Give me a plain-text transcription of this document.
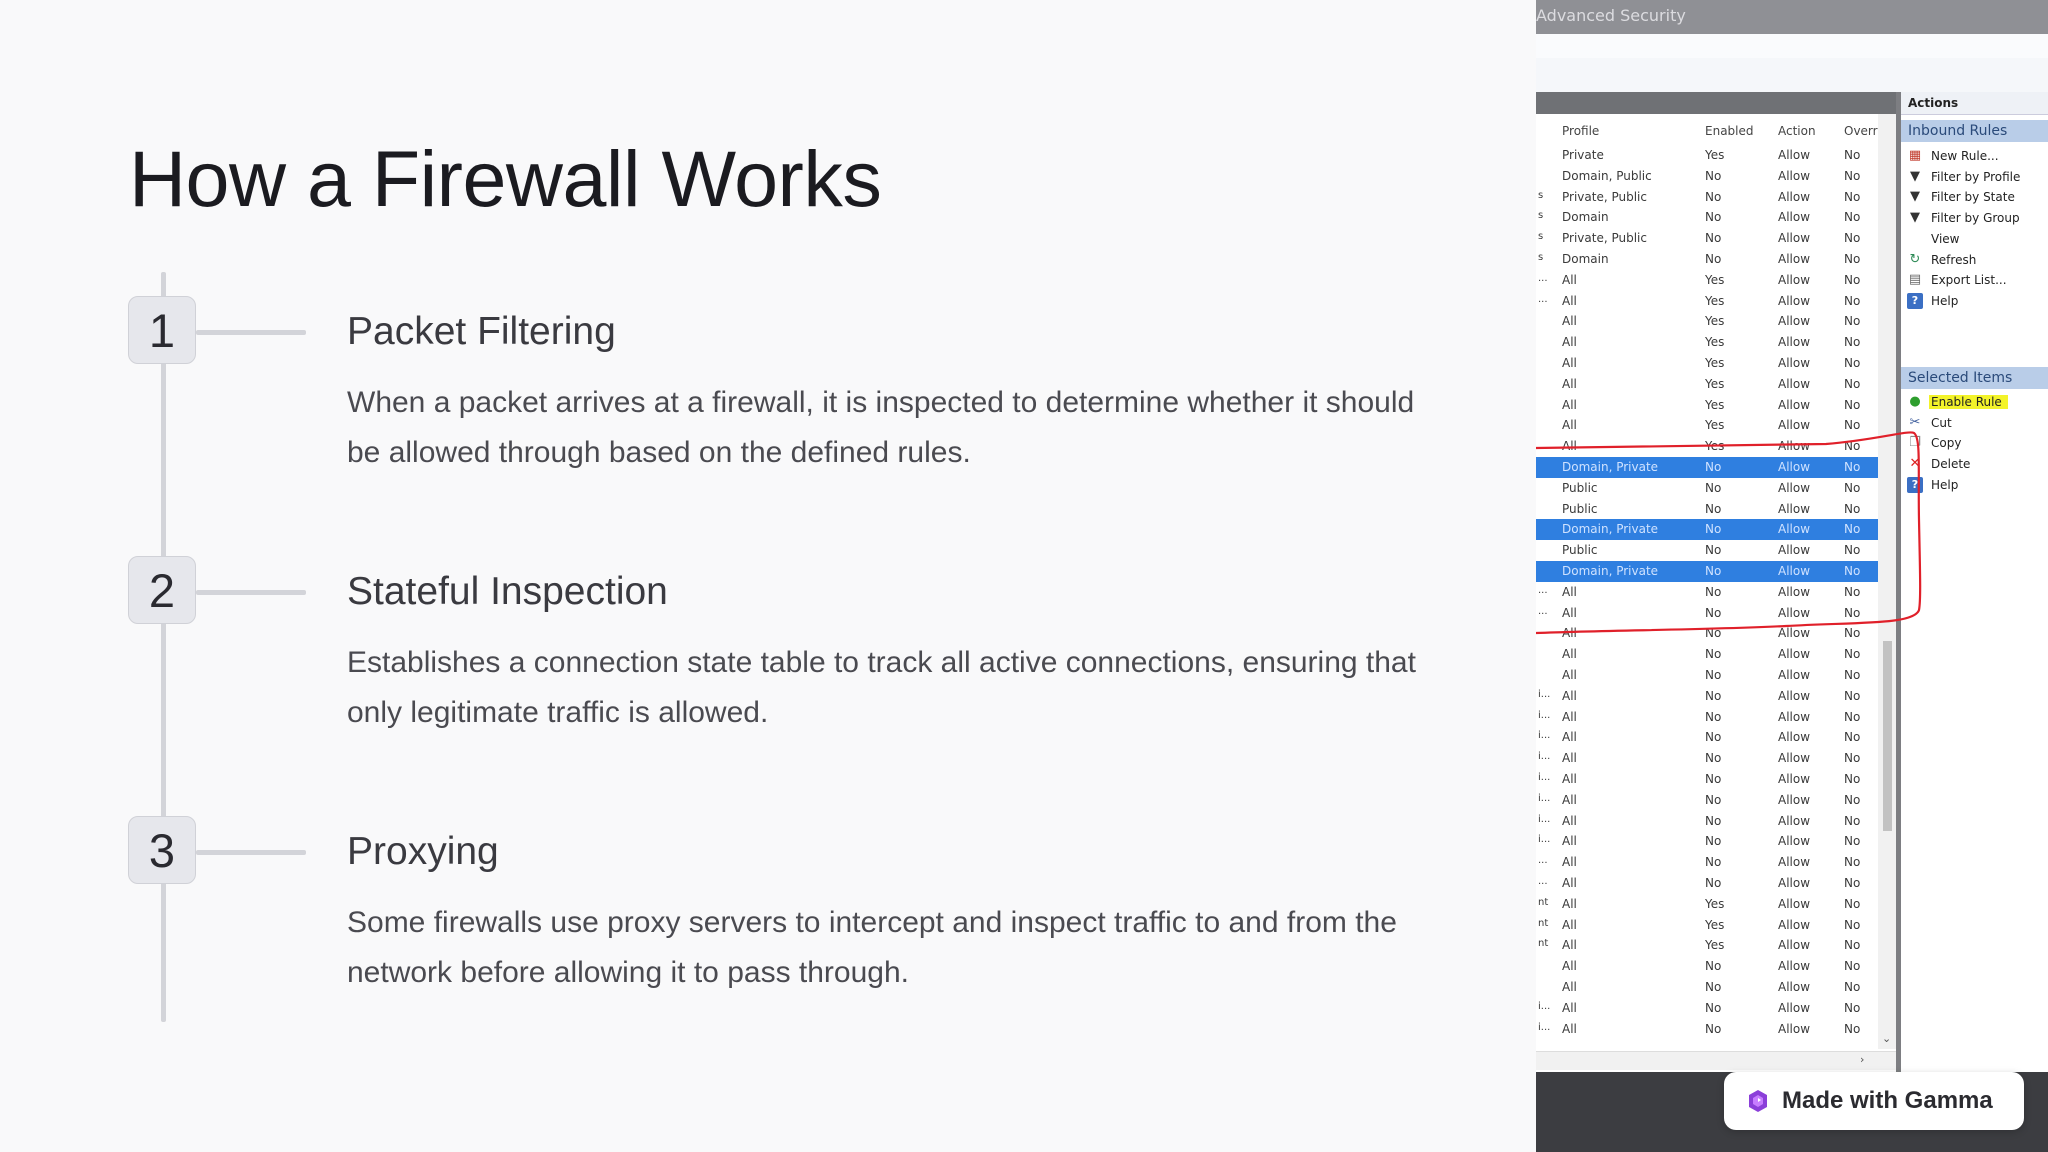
How a Firewall Works
1	Packet Filtering
When a packet arrives at a firewall, it is inspected to determine whether it should be allowed through based on the defined rules.
2	Stateful Inspection
Establishes a connection state table to track all active connections, ensuring that only legitimate traffic is allowed.
3	Proxying
Some firewalls use proxy servers to intercept and inspect traffic to and from the network before allowing it to pass through.
Advanced Security
Profile	Enabled Action Overr
Private	Yes	Allow	No
Domain, Public	No	Allow	No
s Private, Public	No	Allow	No
s Domain	No	Allow	No
s Private, Public	No	Allow	No
s Domain	No	Allow	No
... All	Yes	Allow	No
... All	Yes	Allow	No
All	Yes	Allow	No
All	Yes	Allow	No
All	Yes	Allow	No
All	Yes	Allow	No
All	Yes	Allow	No
All	Yes	Allow	No
All	Yes	Allow	No
Domain, Private	No	Allow	No
Public	No	Allow	No
Public	No	Allow	No
Domain, Private	No	Allow	No
Public	No	Allow	No
Domain, Private	No	Allow	No
... All	No	Allow	No
... All	No	Allow	No
All	No	Allow	No
All	No	Allow	No
All	No	Allow	No
i... All	No	Allow	No
i... All	No	Allow	No
i... All	No	Allow	No
i... All	No	Allow	No
i... All	No	Allow	No
i... All	No	Allow	No
i... All	No	Allow	No
i... All	No	Allow	No
... All	No	Allow	No
... All	No	Allow	No
nt All	Yes	Allow	No
nt All	Yes	Allow	No
nt All	Yes	Allow	No
All	No	Allow	No
All	No	Allow	No
i... All	No	Allow	No
i... All	No	Allow	No
⌄
›
Actions
Inbound Rules
▦ New Rule...
▼ Filter by Profile
▼ Filter by State
▼ Filter by Group
View
↻ Refresh
▤ Export List...
?	Help
Selected Items
● Enable Rule
✂ Cut
❐ Copy
✕ Delete
?	Help
Made with Gamma
